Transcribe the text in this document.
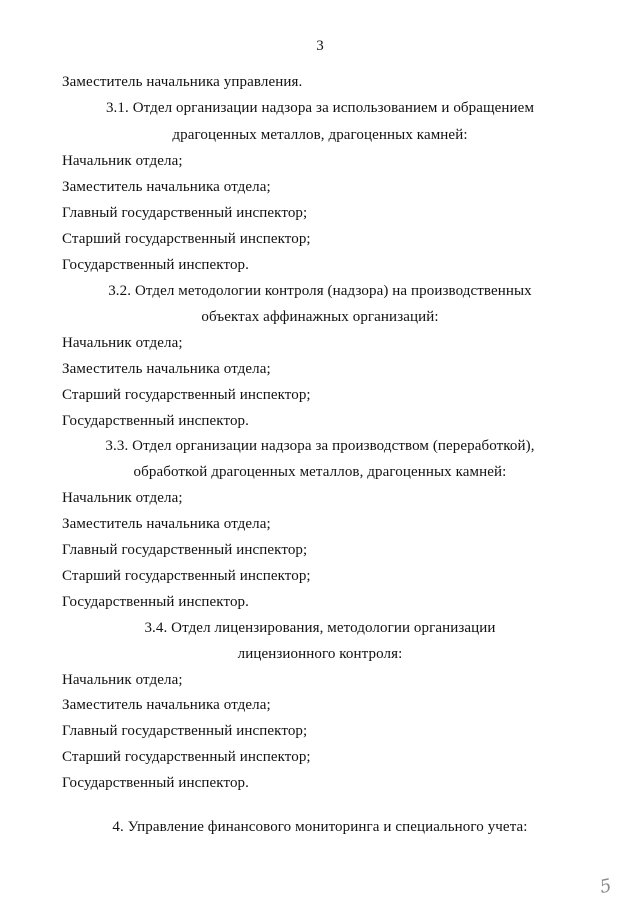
3
Заместитель начальника управления.
3.1. Отдел организации надзора за использованием и обращением
драгоценных металлов, драгоценных камней:
Начальник отдела;
Заместитель начальника отдела;
Главный государственный инспектор;
Старший государственный инспектор;
Государственный инспектор.
3.2. Отдел методологии контроля (надзора) на производственных
объектах аффинажных организаций:
Начальник отдела;
Заместитель начальника отдела;
Старший государственный инспектор;
Государственный инспектор.
3.3. Отдел организации надзора за производством (переработкой),
обработкой драгоценных металлов, драгоценных камней:
Начальник отдела;
Заместитель начальника отдела;
Главный государственный инспектор;
Старший государственный инспектор;
Государственный инспектор.
3.4. Отдел лицензирования, методологии организации
лицензионного контроля:
Начальник отдела;
Заместитель начальника отдела;
Главный государственный инспектор;
Старший государственный инспектор;
Государственный инспектор.
4. Управление финансового мониторинга и специального учета:
5
